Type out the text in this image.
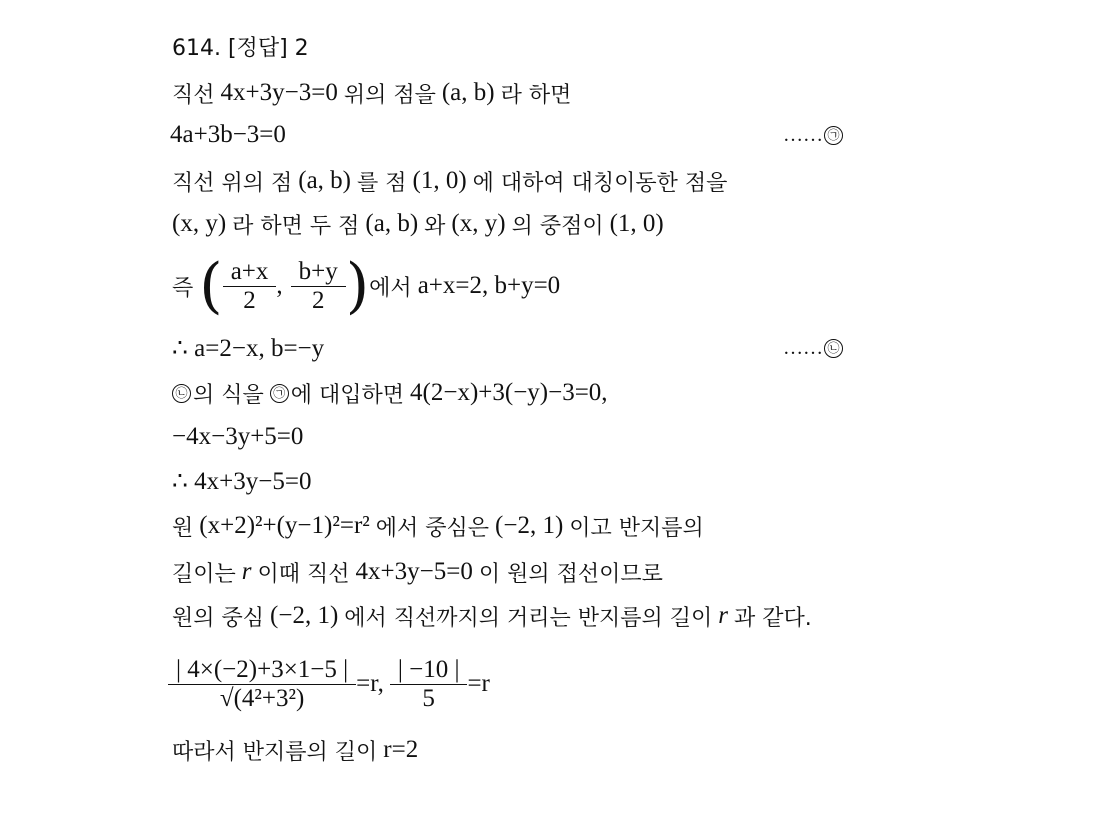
614. [정답] 2
직선 4x+3y−3=0 위의 점을 (a, b) 라 하면
4a+3b−3=0	…… ㉠
직선 위의 점 (a, b) 를 점 (1, 0) 에 대하여 대칭이동한 점을
(x, y) 라 하면 두 점 (a, b) 와 (x, y) 의 중점이 (1, 0)
즉 ( $\frac{a+x}{2}$ , $\frac{b+y}{2}$ ) 에서 a+x=2, b+y=0
∴ a=2−x, b=−y	…… ㉡
㉡ 의 식을 ㉠ 에 대입하면 4(2−x)+3(−y)−3=0,
−4x−3y+5=0
∴ 4x+3y−5=0
원 (x+2)²+(y−1)²=r² 에서 중심은 (−2, 1) 이고 반지름의
길이는 r 이때 직선 4x+3y−5=0 이 원의 접선이므로
원의 중심 (−2, 1) 에서 직선까지의 거리는 반지름의 길이 r 과 같다.
$\frac{| 4\times(-2)+3\times 1-5 |}{\text{√(4²+3²)}} =r$, $\frac{| -10 |}{5} =r$
따라서 반지름의 길이 r=2
